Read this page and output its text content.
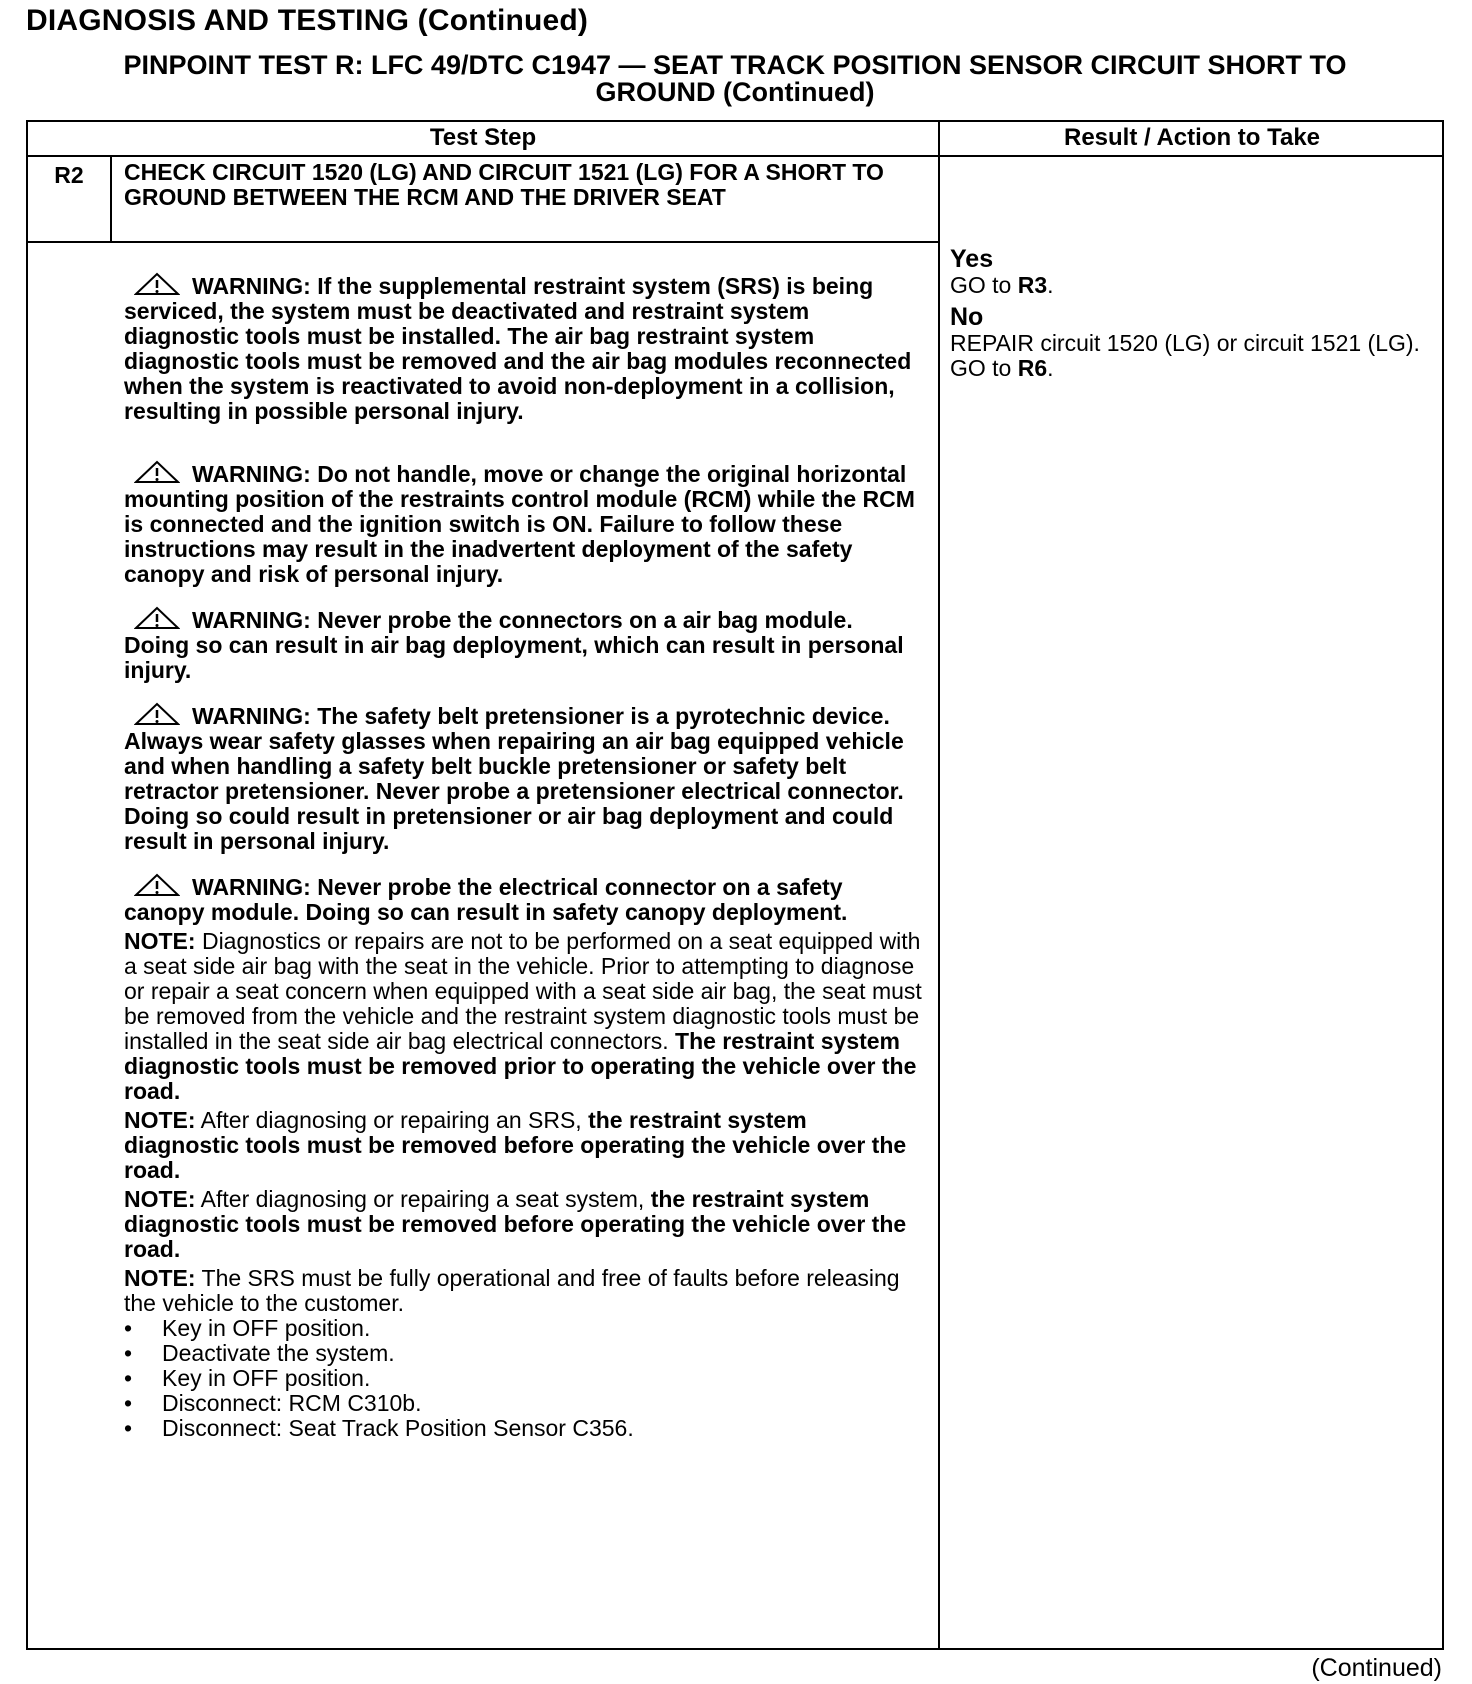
DIAGNOSIS AND TESTING (Continued)
PINPOINT TEST R: LFC 49/DTC C1947 — SEAT TRACK POSITION SENSOR CIRCUIT SHORT TO
GROUND (Continued)
Test Step	Result / Action to Take
R2	CHECK CIRCUIT 1520 (LG) AND CIRCUIT 1521 (LG) FOR A SHORT TO GROUND BETWEEN THE RCM AND THE DRIVER SEAT

WARNING: If the supplemental restraint system (SRS) is being serviced, the system must be deactivated and restraint system diagnostic tools must be installed. The air bag restraint system diagnostic tools must be removed and the air bag modules reconnected when the system is reactivated to avoid non-deployment in a collision, resulting in possible personal injury.

WARNING: Do not handle, move or change the original horizontal mounting position of the restraints control module (RCM) while the RCM is connected and the ignition switch is ON. Failure to follow these instructions may result in the inadvertent deployment of the safety canopy and risk of personal injury.

WARNING: Never probe the connectors on a air bag module. Doing so can result in air bag deployment, which can result in personal injury.

WARNING: The safety belt pretensioner is a pyrotechnic device. Always wear safety glasses when repairing an air bag equipped vehicle and when handling a safety belt buckle pretensioner or safety belt retractor pretensioner. Never probe a pretensioner electrical connector. Doing so could result in pretensioner or air bag deployment and could result in personal injury.

WARNING: Never probe the electrical connector on a safety canopy module. Doing so can result in safety canopy deployment.

NOTE: Diagnostics or repairs are not to be performed on a seat equipped with a seat side air bag with the seat in the vehicle. Prior to attempting to diagnose or repair a seat concern when equipped with a seat side air bag, the seat must be removed from the vehicle and the restraint system diagnostic tools must be installed in the seat side air bag electrical connectors. The restraint system diagnostic tools must be removed prior to operating the vehicle over the road.

NOTE: After diagnosing or repairing an SRS, the restraint system diagnostic tools must be removed before operating the vehicle over the road.

NOTE: After diagnosing or repairing a seat system, the restraint system diagnostic tools must be removed before operating the vehicle over the road.

NOTE: The SRS must be fully operational and free of faults before releasing the vehicle to the customer.

• Key in OFF position.
• Deactivate the system.
• Key in OFF position.
• Disconnect: RCM C310b.
• Disconnect: Seat Track Position Sensor C356.
Yes
GO to R3.
No
REPAIR circuit 1520 (LG) or circuit 1521 (LG). GO to R6.
(Continued)
